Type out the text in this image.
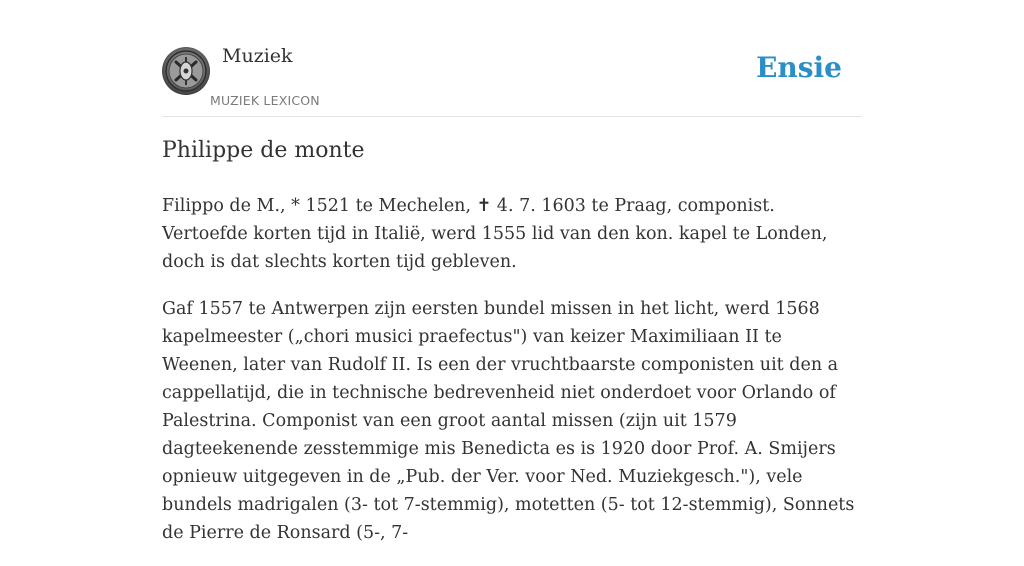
Muziek
MUZIEK LEXICON
Ensie
Philippe de monte

Filippo de M., * 1521 te Mechelen, ✝ 4. 7. 1603 te Praag, componist. Vertoefde korten tijd in Italië, werd 1555 lid van den kon. kapel te Londen, doch is dat slechts korten tijd gebleven.

Gaf 1557 te Antwerpen zijn eersten bundel missen in het licht, werd 1568 kapelmeester („chori musici praefectus") van keizer Maximiliaan II te Weenen, later van Rudolf II. Is een der vruchtbaarste componisten uit den a cappellatijd, die in technische bedrevenheid niet onderdoet voor Orlando of Palestrina. Componist van een groot aantal missen (zijn uit 1579 dagteekenende zesstemmige mis Benedicta es is 1920 door Prof. A. Smijers opnieuw uitgegeven in de „Pub. der Ver. voor Ned. Muziekgesch."), vele bundels madrigalen (3- tot 7-stemmig), motetten (5- tot 12-stemmig), Sonnets de Pierre de Ronsard (5-, 7-
